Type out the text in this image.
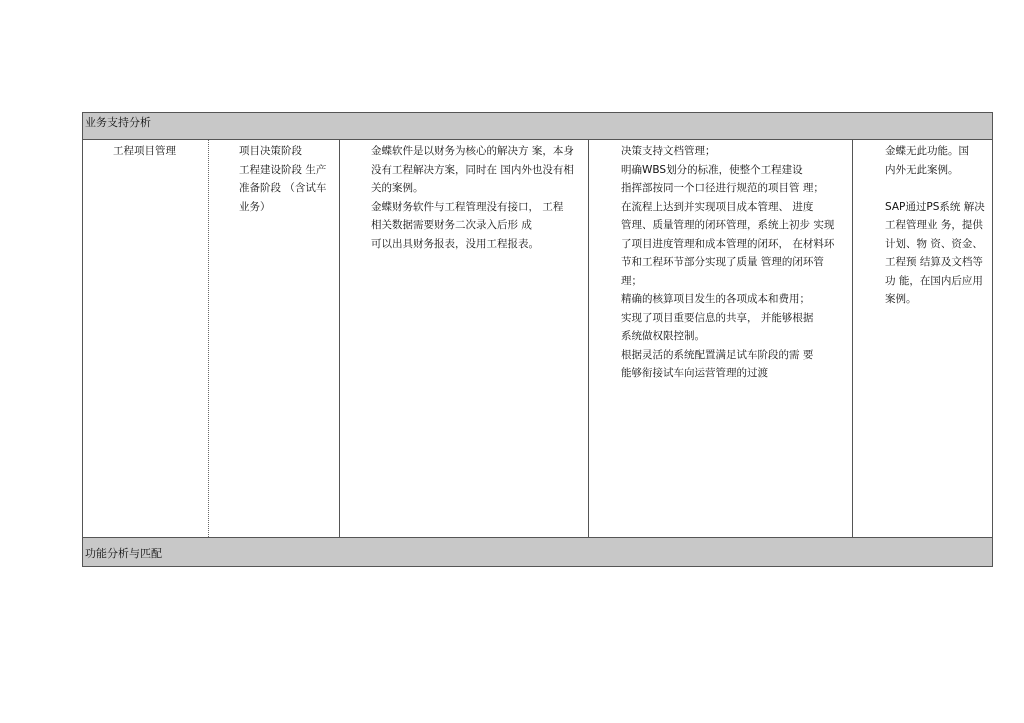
业务支持分析
工程项目管理	项目决策阶段
工程建设阶段 生产
准备阶段 （含试车
业务）
金蝶软件是以财务为核心的解决方 案，本身
没有工程解决方案，同时在 国内外也没有相
关的案例。
金蝶财务软件与工程管理没有接口， 工程
相关数据需要财务二次录入后形 成
可以出具财务报表，没用工程报表。
决策支持文档管理；
明确WBS划分的标准，使整个工程建设
指挥部按同一个口径进行规范的项目管 理；
在流程上达到并实现项目成本管理、 进度
管理、质量管理的闭环管理，系统上初步 实现
了项目进度管理和成本管理的闭环， 在材料环
节和工程环节部分实现了质量 管理的闭环管
理；
精确的核算项目发生的各项成本和费用；
实现了项目重要信息的共享， 并能够根据
系统做权限控制。
根据灵活的系统配置满足试车阶段的需 要
能够衔接试车向运营管理的过渡
金蝶无此功能。国
内外无此案例。
SAP通过PS系统 解决
工程管理业 务，提供
计划、物 资、资金、
工程预 结算及文档等
功 能，在国内后应用
案例。
功能分析与匹配
